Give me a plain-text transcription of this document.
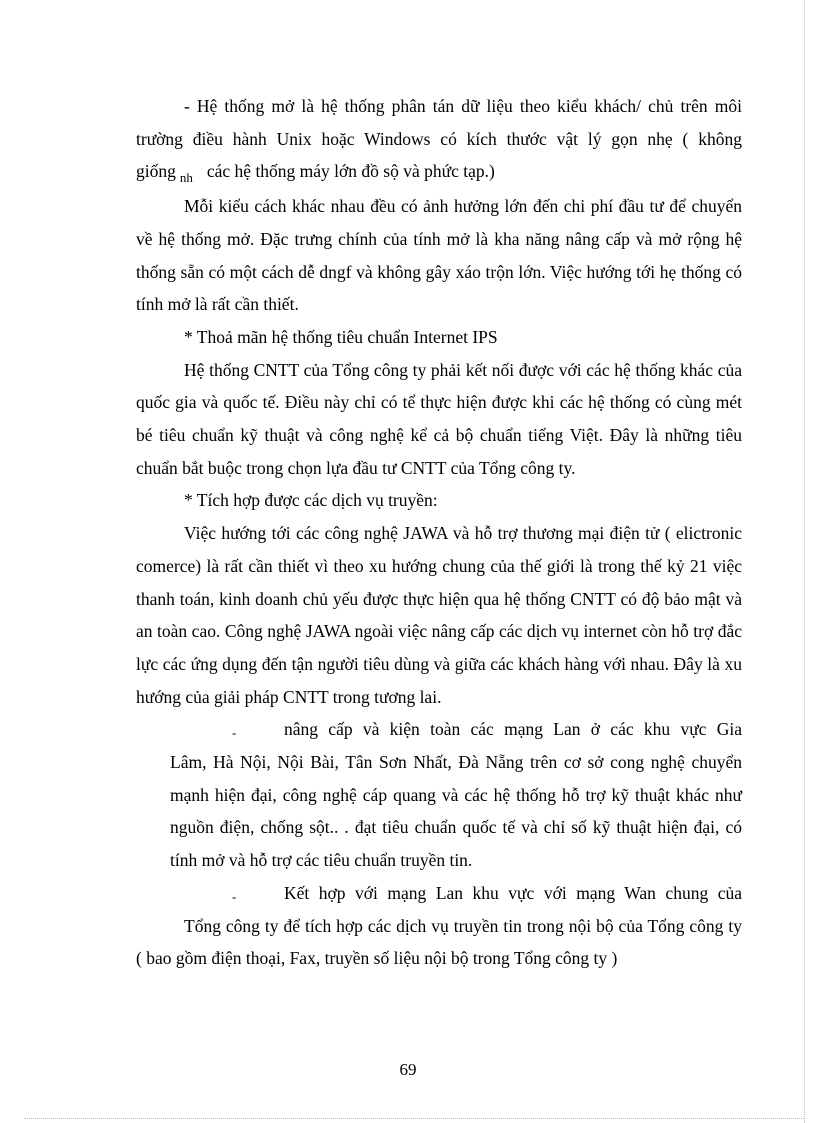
- Hệ thống mở là hệ thống phân tán dữ liệu theo kiểu khách/ chủ trên môi trường điều hành Unix hoặc Windows có kích thước vật lý gọn nhẹ ( không giống $_{nh}$ các hệ thống máy lớn đồ sộ và phức tạp.)

Mỗi kiểu cách khác nhau đều có ảnh hưởng lớn đến chi phí đầu tư để chuyển về hệ thống mở. Đặc trưng chính của tính mở là kha năng nâng cấp và mở rộng hệ thống sẵn có một cách dễ dngf và không gây xáo trộn lớn. Việc hướng tới hẹ thống có tính mở là rất cần thiết.

* Thoả mãn hệ thống tiêu chuẩn Internet IPS

Hệ thống CNTT của Tổng công ty phải kết nối được với các hệ thống khác của quốc gia và quốc tế. Điều này chỉ có tể thực hiện được khi các hệ thống có cùng mét bé tiêu chuẩn kỹ thuật và công nghệ kể cả bộ chuẩn tiếng Việt. Đây là những tiêu chuẩn bắt buộc trong chọn lựa đầu tư CNTT của Tổng công ty.

* Tích hợp được các dịch vụ truyền:

Việc hướng tới các công nghệ JAWA và hỗ trợ thương mại điện tử ( elictronic comerce) là rất cần thiết vì theo xu hướng chung của thế giới là trong thế kỷ 21 việc thanh toán, kinh doanh chủ yếu được thực hiện qua hệ thống CNTT có độ bảo mật và an toàn cao. Công nghệ JAWA ngoài việc nâng cấp các dịch vụ internet còn hỗ trợ đắc lực các ứng dụng đến tận người tiêu dùng và giữa các khách hàng với nhau. Đây là xu hướng của giải pháp CNTT trong tương lai.

-	nâng cấp và kiện toàn các mạng Lan ở các khu vực Gia

Lâm, Hà Nội, Nội Bài, Tân Sơn Nhất, Đà Nẵng trên cơ sở cong nghệ chuyển mạnh hiện đại, công nghệ cáp quang và các hệ thống hỗ trợ kỹ thuật khác như nguồn điện, chống sột.. . đạt tiêu chuẩn quốc tế và chỉ số kỹ thuật hiện đại, có tính mở và hỗ trợ các tiêu chuẩn truyền tin.

-	Kết hợp với mạng Lan khu vực với mạng Wan chung của

Tổng công ty để tích hợp các dịch vụ truyền tin trong nội bộ của Tổng công ty ( bao gồm điện thoại, Fax, truyền số liệu nội bộ trong Tổng công ty )

69
